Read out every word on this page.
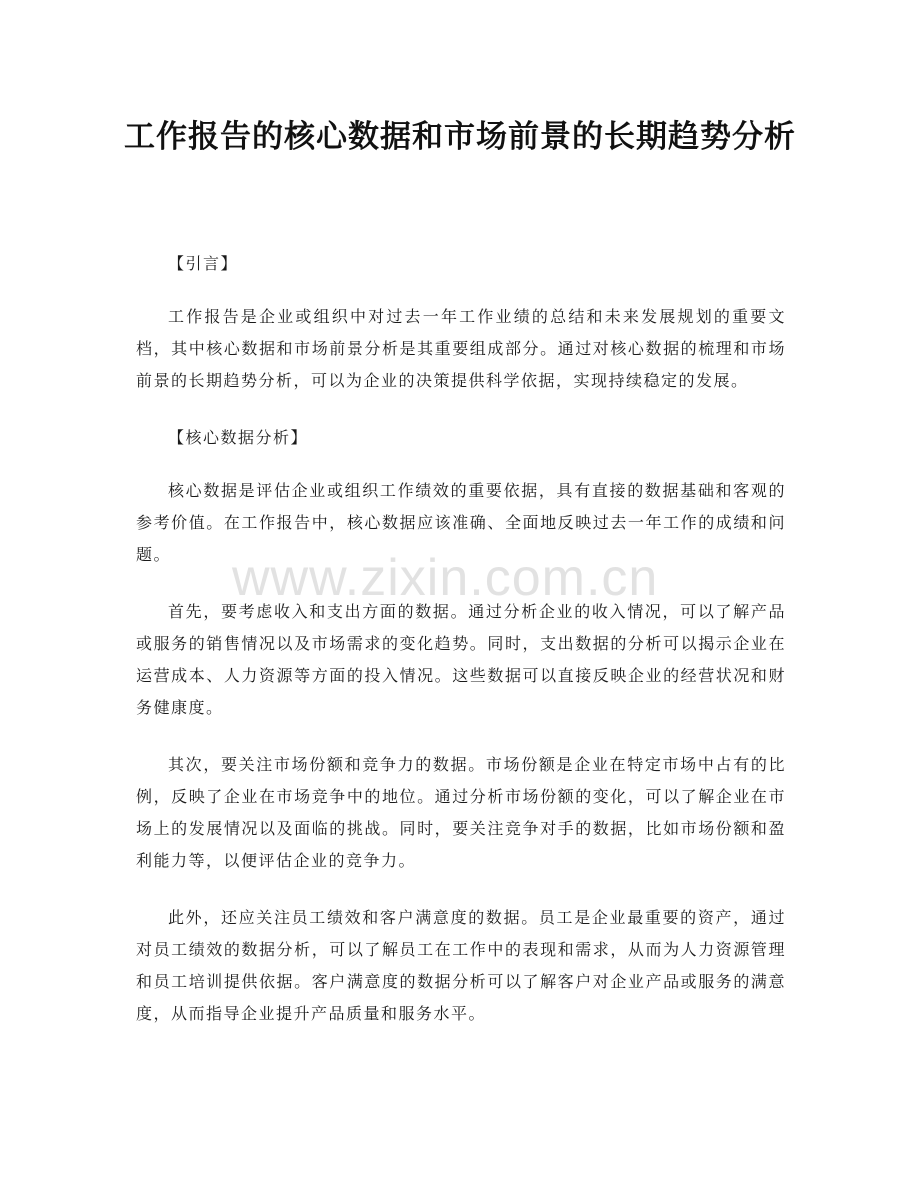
工作报告的核心数据和市场前景的长期趋势分析
【引言】

工作报告是企业或组织中对过去一年工作业绩的总结和未来发展规划的重要文档，其中核心数据和市场前景分析是其重要组成部分。通过对核心数据的梳理和市场前景的长期趋势分析，可以为企业的决策提供科学依据，实现持续稳定的发展。

【核心数据分析】

核心数据是评估企业或组织工作绩效的重要依据，具有直接的数据基础和客观的参考价值。在工作报告中，核心数据应该准确、全面地反映过去一年工作的成绩和问题。

首先，要考虑收入和支出方面的数据。通过分析企业的收入情况，可以了解产品或服务的销售情况以及市场需求的变化趋势。同时，支出数据的分析可以揭示企业在运营成本、人力资源等方面的投入情况。这些数据可以直接反映企业的经营状况和财务健康度。

其次，要关注市场份额和竞争力的数据。市场份额是企业在特定市场中占有的比例，反映了企业在市场竞争中的地位。通过分析市场份额的变化，可以了解企业在市场上的发展情况以及面临的挑战。同时，要关注竞争对手的数据，比如市场份额和盈利能力等，以便评估企业的竞争力。

此外，还应关注员工绩效和客户满意度的数据。员工是企业最重要的资产，通过对员工绩效的数据分析，可以了解员工在工作中的表现和需求，从而为人力资源管理和员工培训提供依据。客户满意度的数据分析可以了解客户对企业产品或服务的满意度，从而指导企业提升产品质量和服务水平。

www.zixin.com.cn
